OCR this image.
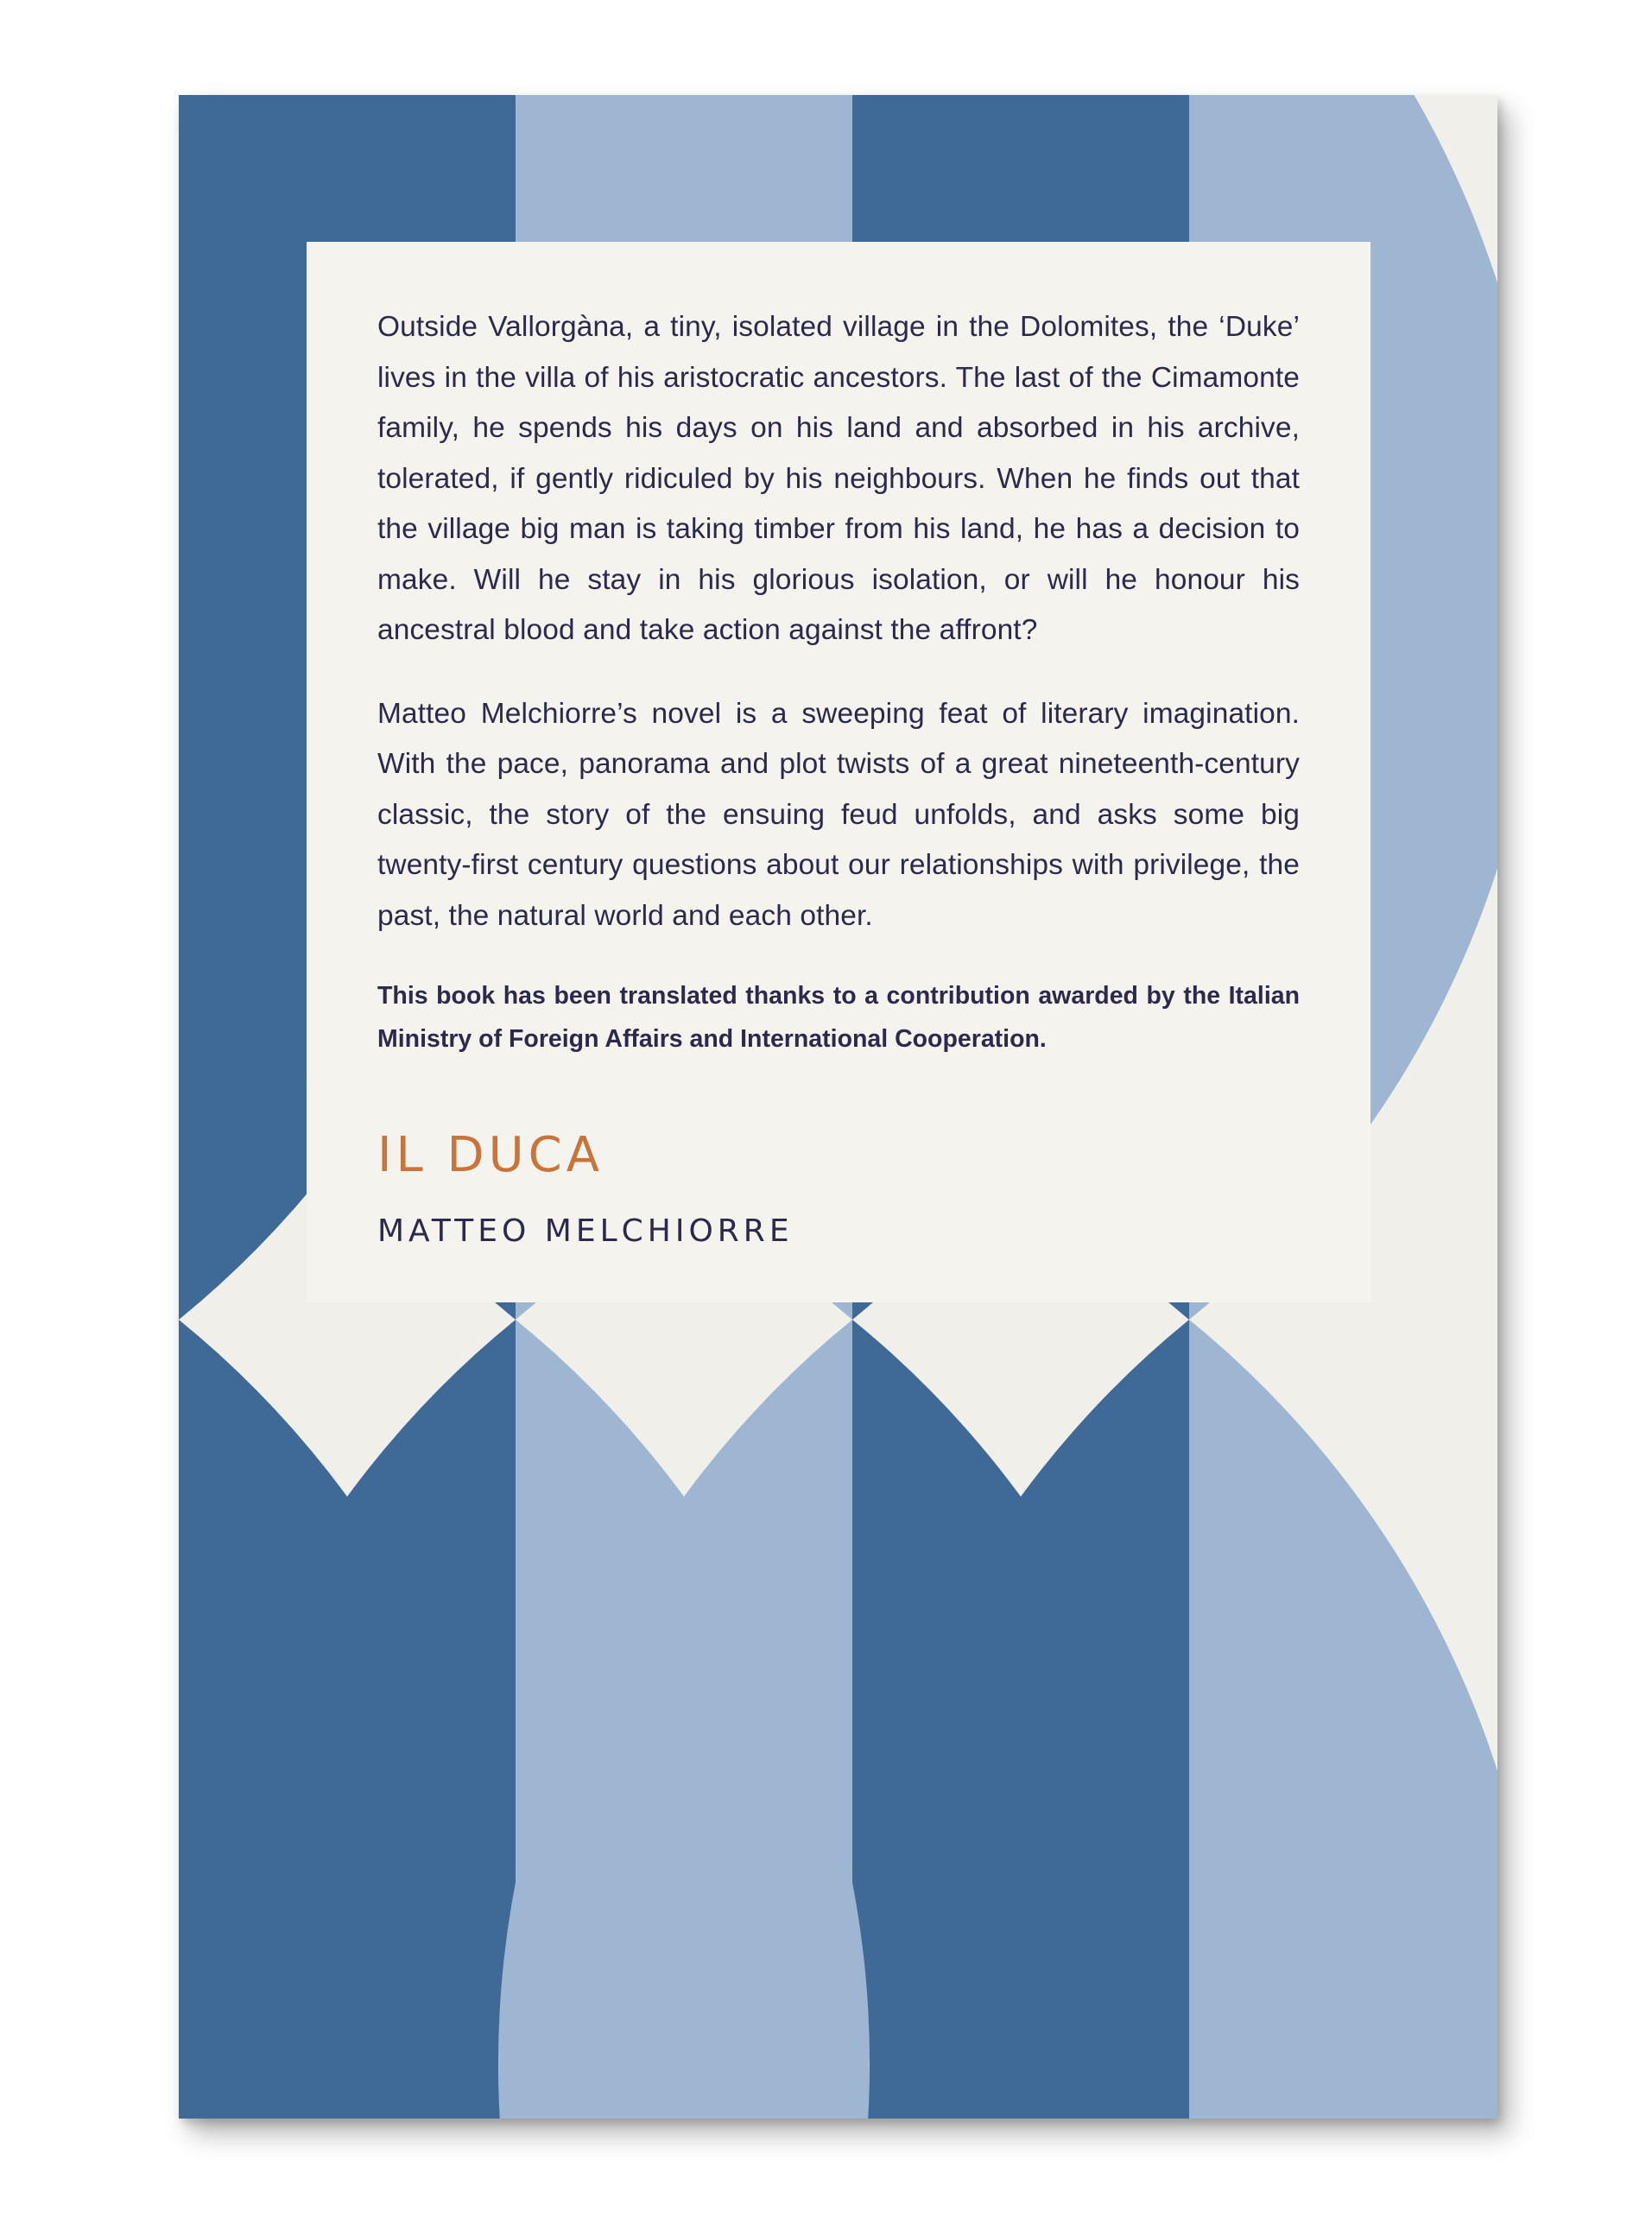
Outside Vallorgàna, a tiny, isolated village in the Dolomites, the ‘Duke’ lives in the villa of his aristocratic ancestors. The last of the Cimamonte family, he spends his days on his land and absorbed in his archive, tolerated, if gently ridiculed by his neighbours. When he finds out that the village big man is taking timber from his land, he has a decision to make. Will he stay in his glorious isolation, or will he honour his ancestral blood and take action against the affront?

Matteo Melchiorre’s novel is a sweeping feat of literary imagination. With the pace, panorama and plot twists of a great nineteenth-century classic, the story of the ensuing feud unfolds, and asks some big twenty-first century questions about our relationships with privilege, the past, the natural world and each other.

This book has been translated thanks to a contribution awarded by the Italian Ministry of Foreign Affairs and International Cooperation.

IL DUCA
MATTEO MELCHIORRE
